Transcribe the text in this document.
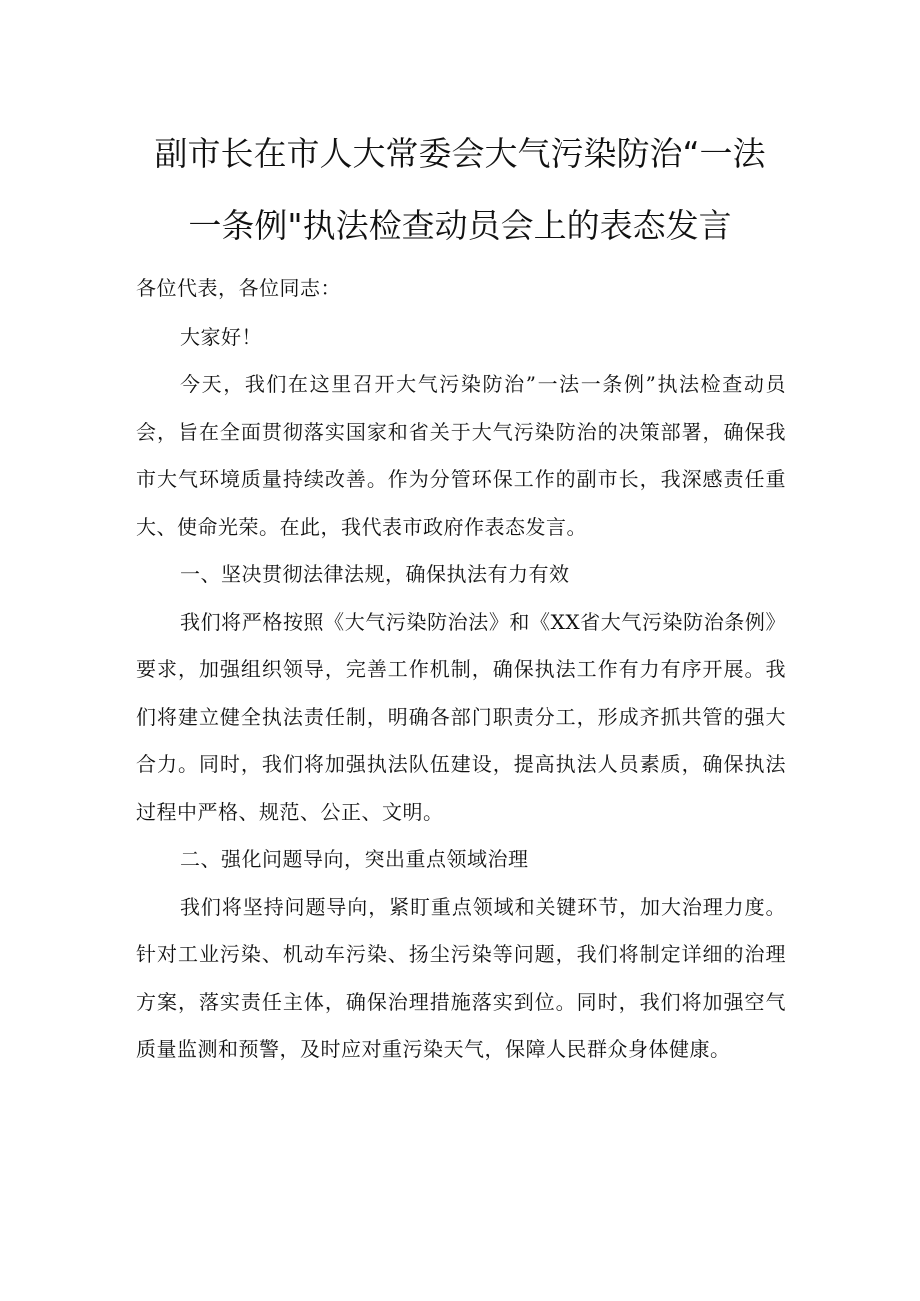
副市长在市人大常委会大气污染防治“一法
一条例"执法检查动员会上的表态发言
各位代表，各位同志：
大家好！

今天，我们在这里召开大气污染防治”一法一条例”执法检查动员会，旨在全面贯彻落实国家和省关于大气污染防治的决策部署，确保我市大气环境质量持续改善。作为分管环保工作的副市长，我深感责任重大、使命光荣。在此，我代表市政府作表态发言。

一、坚决贯彻法律法规，确保执法有力有效

我们将严格按照《大气污染防治法》和《XX省大气污染防治条例》要求，加强组织领导，完善工作机制，确保执法工作有力有序开展。我们将建立健全执法责任制，明确各部门职责分工，形成齐抓共管的强大合力。同时，我们将加强执法队伍建设，提高执法人员素质，确保执法过程中严格、规范、公正、文明。

二、强化问题导向，突出重点领域治理

我们将坚持问题导向，紧盯重点领域和关键环节，加大治理力度。针对工业污染、机动车污染、扬尘污染等问题，我们将制定详细的治理方案，落实责任主体，确保治理措施落实到位。同时，我们将加强空气质量监测和预警，及时应对重污染天气，保障人民群众身体健康。
